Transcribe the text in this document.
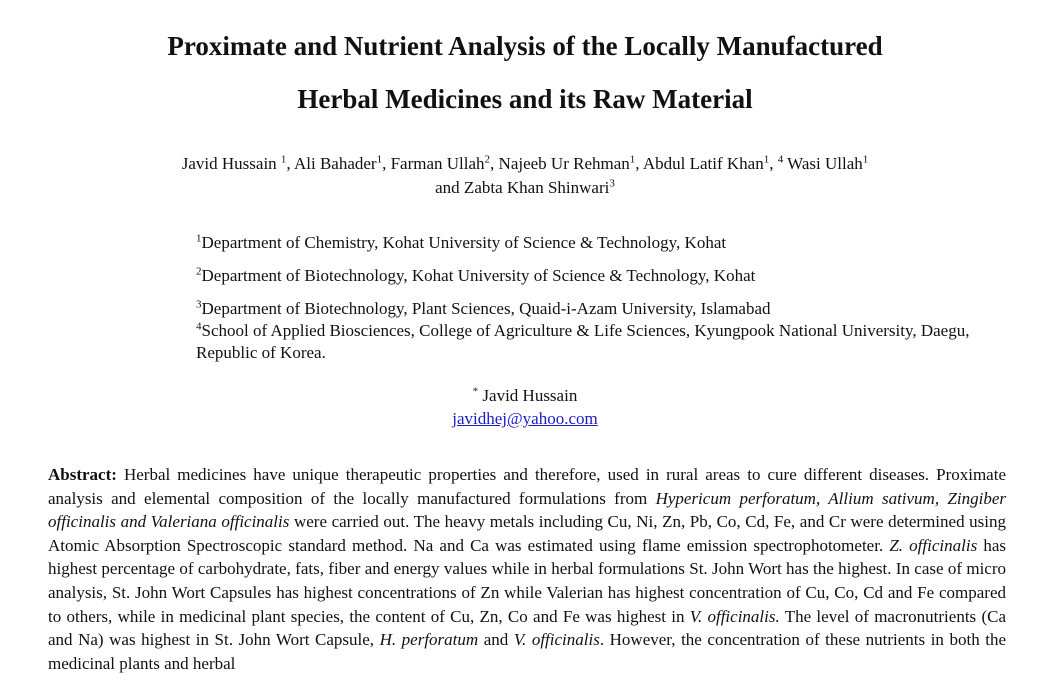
Proximate and Nutrient Analysis of the Locally Manufactured
Herbal Medicines and its Raw Material

Javid Hussain $^1$, Ali Bahader$^1$, Farman Ullah$^2$, Najeeb Ur Rehman$^1$, Abdul Latif Khan$^1$, $^4$ Wasi Ullah$^1$

and Zabta Khan Shinwari$^3$

$^1$Department of Chemistry, Kohat University of Science & Technology, Kohat

$^2$Department of Biotechnology, Kohat University of Science & Technology, Kohat

$^3$Department of Biotechnology, Plant Sciences, Quaid-i-Azam University, Islamabad

$^4$School of Applied Biosciences, College of Agriculture & Life Sciences, Kyungpook National University, Daegu, Republic of Korea.

* Javid Hussain

javidhej@yahoo.com

Abstract: Herbal medicines have unique therapeutic properties and therefore, used in rural areas to cure different diseases. Proximate analysis and elemental composition of the locally manufactured formulations from Hypericum perforatum, Allium sativum, Zingiber officinalis and Valeriana officinalis were carried out. The heavy metals including Cu, Ni, Zn, Pb, Co, Cd, Fe, and Cr were determined using Atomic Absorption Spectroscopic standard method. Na and Ca was estimated using flame emission spectrophotometer. Z. officinalis has highest percentage of carbohydrate, fats, fiber and energy values while in herbal formulations St. John Wort has the highest. In case of micro analysis, St. John Wort Capsules has highest concentrations of Zn while Valerian has highest concentration of Cu, Co, Cd and Fe compared to others, while in medicinal plant species, the content of Cu, Zn, Co and Fe was highest in V. officinalis. The level of macronutrients (Ca and Na) was highest in St. John Wort Capsule, H. perforatum and V. officinalis. However, the concentration of these nutrients in both the medicinal plants and herbal
